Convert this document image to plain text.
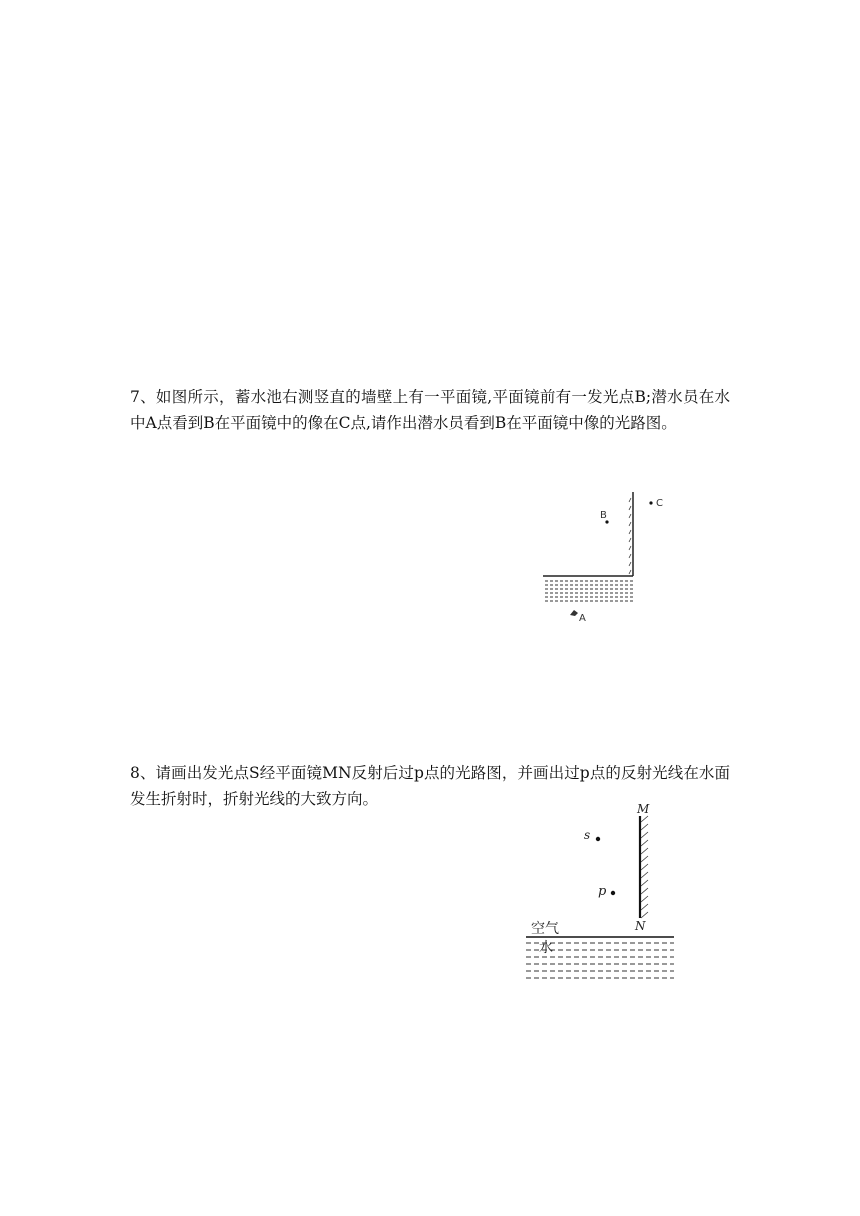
7、如图所示，蓄水池右测竖直的墙壁上有一平面镜,平面镜前有一发光点B;潜水员在水中A点看到B在平面镜中的像在C点,请作出潜水员看到B在平面镜中像的光路图。

B
C
A

8、请画出发光点S经平面镜MN反射后过p点的光路图，并画出过p点的反射光线在水面发生折射时，折射光线的大致方向。

M
N
s
p
空气
水
